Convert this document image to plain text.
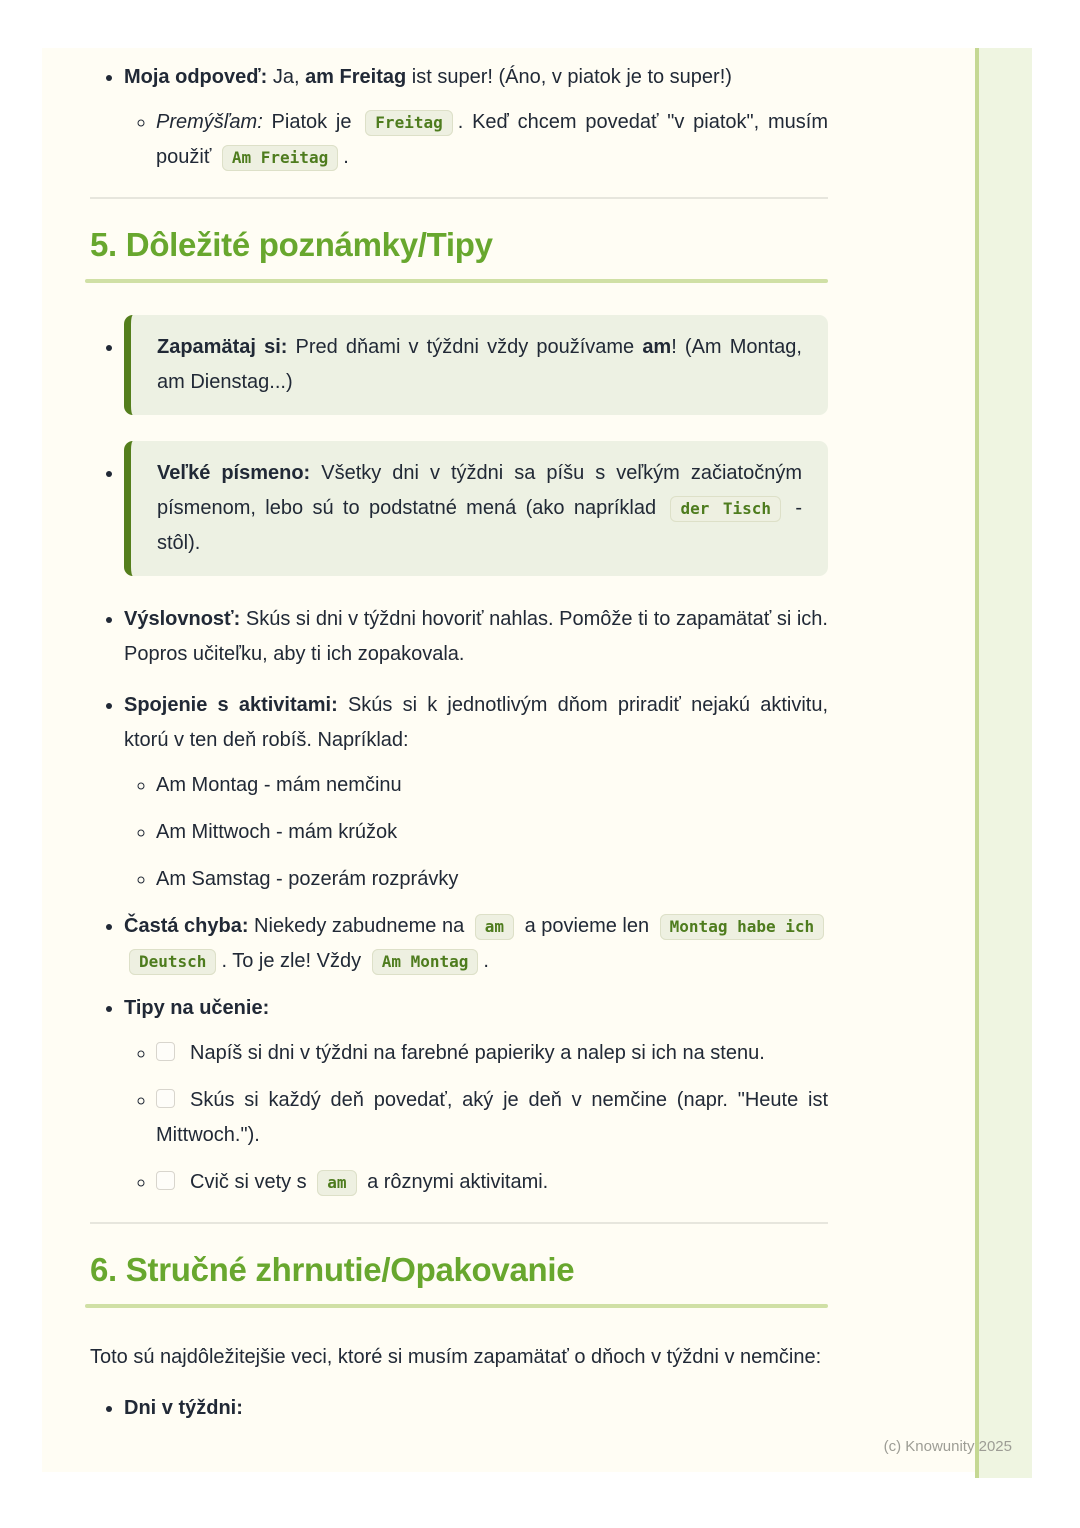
• Moja odpoveď: Ja, am Freitag ist super! (Áno, v piatok je to super!)
◦ Premýšľam: Piatok je Freitag . Keď chcem povedať "v piatok", musím použiť Am Freitag .
5. Dôležité poznámky/Tipy

• Zapamätaj si: Pred dňami v týždni vždy používame am! (Am Montag, am Dienstag...)

• Veľké písmeno: Všetky dni v týždni sa píšu s veľkým začiatočným písmenom, lebo sú to podstatné mená (ako napríklad der Tisch - stôl).

• Výslovnosť: Skús si dni v týždni hovoriť nahlas. Pomôže ti to zapamätať si ich. Popros učiteľku, aby ti ich zopakovala.
• Spojenie s aktivitami: Skús si k jednotlivým dňom priradiť nejakú aktivitu, ktorú v ten deň robíš. Napríklad:
◦ Am Montag - mám nemčinu
◦ Am Mittwoch - mám krúžok
◦ Am Samstag - pozerám rozprávky
• Častá chyba: Niekedy zabudneme na am a povieme len Montag habe ich Deutsch . To je zle! Vždy Am Montag .
• Tipy na učenie:
◦ Napíš si dni v týždni na farebné papieriky a nalep si ich na stenu.
◦ Skús si každý deň povedať, aký je deň v nemčine (napr. "Heute ist Mittwoch.").
◦ Cvič si vety s am a rôznymi aktivitami.
6. Stručné zhrnutie/Opakovanie

Toto sú najdôležitejšie veci, ktoré si musím zapamätať o dňoch v týždni v nemčine:

• Dni v týždni:
(c) Knowunity 2025
